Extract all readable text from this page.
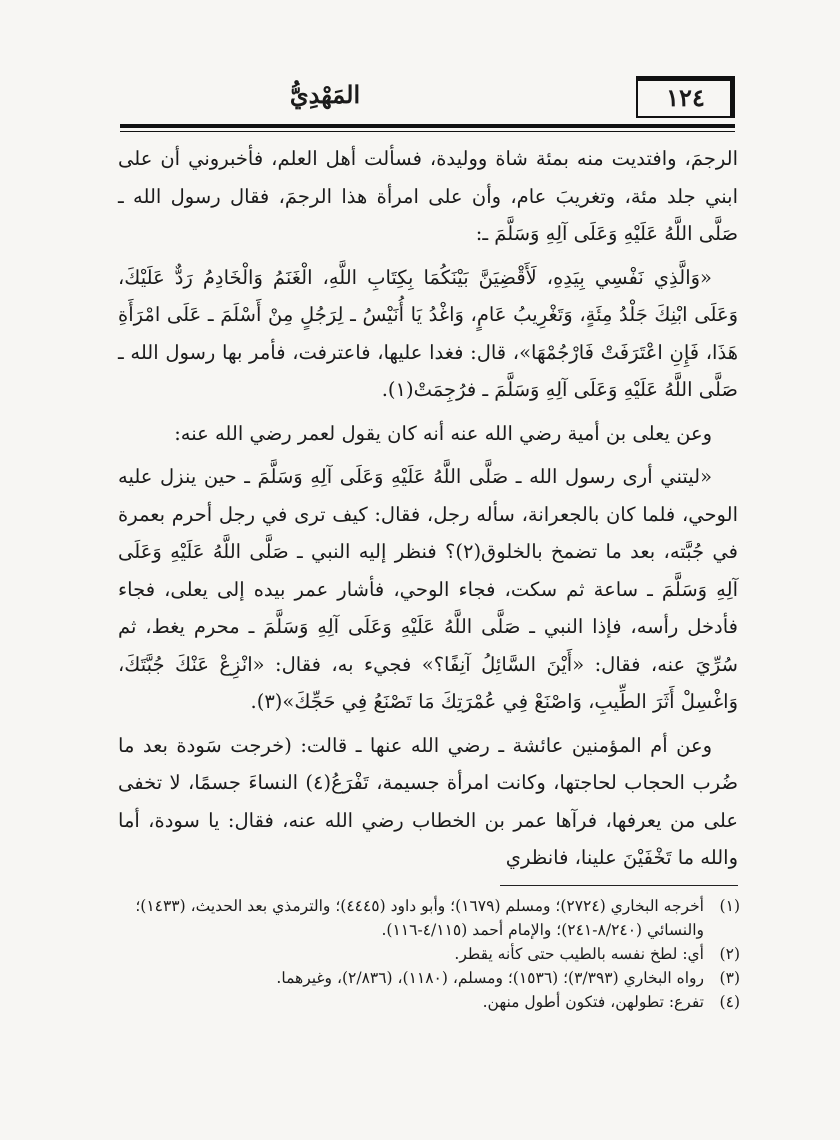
المَهْدِيُّ	١٢٤

الرجمَ، وافتديت منه بمئة شاة ووليدة، فسألت أهل العلم، فأخبروني أن على ابني جلد مئة، وتغريبَ عام، وأن على امرأة هذا الرجمَ، فقال رسول الله ـ صَلَّى اللَّهُ عَلَيْهِ وَعَلَى آلِهِ وَسَلَّمَ ـ:

«وَالَّذِي نَفْسِي بِيَدِهِ، لَأَقْضِيَنَّ بَيْنَكُمَا بِكِتَابِ اللَّهِ، الْغَنَمُ وَالْخَادِمُ رَدٌّ عَلَيْكَ، وَعَلَى ابْنِكَ جَلْدُ مِئَةٍ، وَتَغْرِيبُ عَامٍ، وَاغْدُ يَا أُنَيْسُ ـ لِرَجُلٍ مِنْ أَسْلَمَ ـ عَلَى امْرَأَةِ هَذَا، فَإِنِ اعْتَرَفَتْ فَارْجُمْهَا»، قال: فغدا عليها، فاعترفت، فأمر بها رسول الله ـ صَلَّى اللَّهُ عَلَيْهِ وَعَلَى آلِهِ وَسَلَّمَ ـ فرُجِمَتْ(١).

وعن يعلى بن أمية رضي الله عنه أنه كان يقول لعمر رضي الله عنه:

«ليتني أرى رسول الله ـ صَلَّى اللَّهُ عَلَيْهِ وَعَلَى آلِهِ وَسَلَّمَ ـ حين ينزل عليه الوحي، فلما كان بالجعرانة، سأله رجل، فقال: كيف ترى في رجل أحرم بعمرة في جُبَّته، بعد ما تضمخ بالخلوق(٢)؟ فنظر إليه النبي ـ صَلَّى اللَّهُ عَلَيْهِ وَعَلَى آلِهِ وَسَلَّمَ ـ ساعة ثم سكت، فجاء الوحي، فأشار عمر بيده إلى يعلى، فجاء فأدخل رأسه، فإذا النبي ـ صَلَّى اللَّهُ عَلَيْهِ وَعَلَى آلِهِ وَسَلَّمَ ـ محرم يغط، ثم سُرِّيَ عنه، فقال: «أَيْنَ السَّائِلُ آنِفًا؟» فجيء به، فقال: «انْزِعْ عَنْكَ جُبَّتَكَ، وَاغْسِلْ أَثَرَ الطِّيبِ، وَاصْنَعْ فِي عُمْرَتِكَ مَا تَصْنَعُ فِي حَجِّكَ»(٣).

وعن أم المؤمنين عائشة ـ رضي الله عنها ـ قالت: (خرجت سَودة بعد ما ضُرب الحجاب لحاجتها، وكانت امرأة جسيمة، تَفْرَعُ(٤) النساءَ جسمًا، لا تخفى على من يعرفها، فرآها عمر بن الخطاب رضي الله عنه، فقال: يا سودة، أما والله ما تَخْفَيْنَ علينا، فانظري

(١)أخرجه البخاري (٢٧٢٤)؛ ومسلم (١٦٧٩)؛ وأبو داود (٤٤٤٥)؛ والترمذي بعد الحديث، (١٤٣٣)؛ والنسائي (٨/٢٤٠-٢٤١)؛ والإمام أحمد (٤/١١٥-١١٦).

(٢)أي: لطخ نفسه بالطيب حتى كأنه يقطر.

(٣)رواه البخاري (٣/٣٩٣)؛ (١٥٣٦)؛ ومسلم، (١١٨٠)، (٢/٨٣٦)، وغيرهما.

(٤)تفرع: تطولهن، فتكون أطول منهن.
